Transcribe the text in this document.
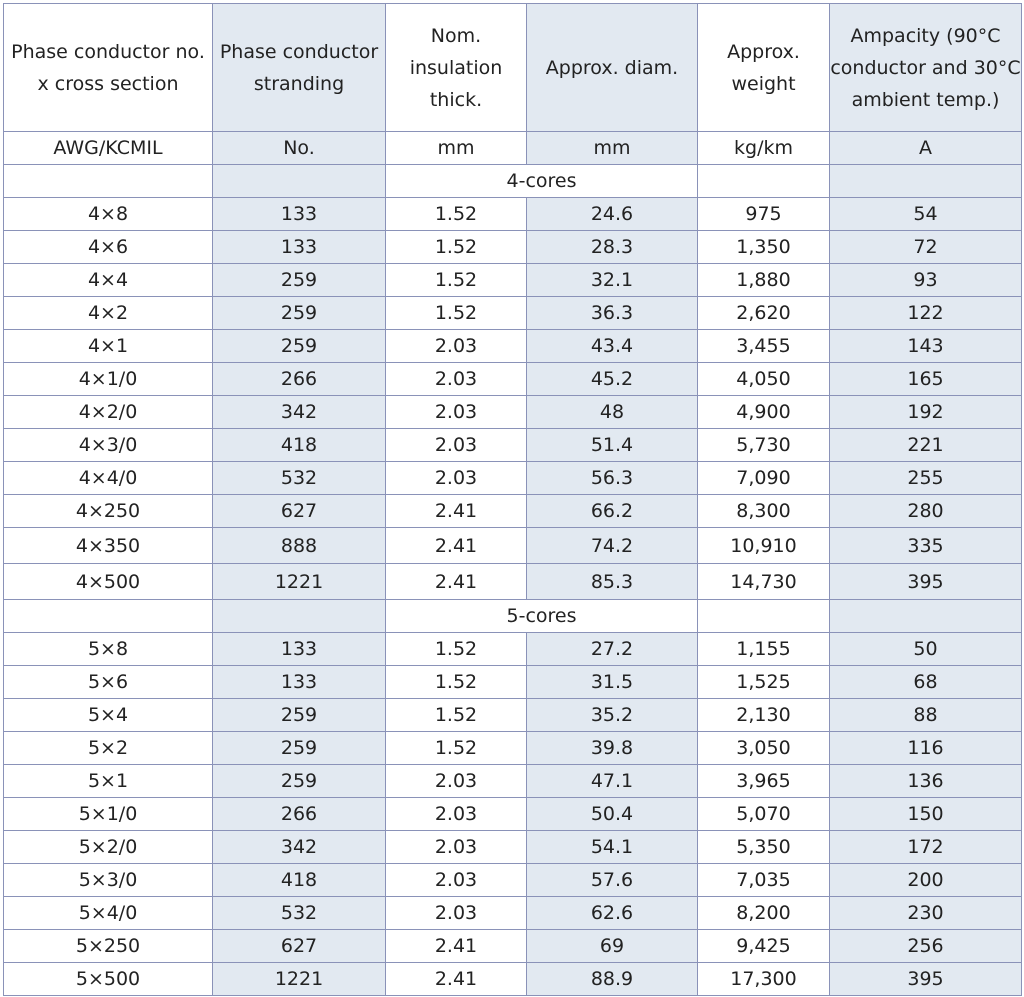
Phase conductor no. x cross section	Phase conductor stranding	Nom. insulation thick.	Approx. diam.	Approx. weight	Ampacity (90°C conductor and 30°C ambient temp.)
AWG/KCMIL	No.	mm	mm	kg/km	A
		4-cores			
4×8	133	1.52	24.6	975	54
4×6	133	1.52	28.3	1,350	72
4×4	259	1.52	32.1	1,880	93
4×2	259	1.52	36.3	2,620	122
4×1	259	2.03	43.4	3,455	143
4×1/0	266	2.03	45.2	4,050	165
4×2/0	342	2.03	48	4,900	192
4×3/0	418	2.03	51.4	5,730	221
4×4/0	532	2.03	56.3	7,090	255
4×250	627	2.41	66.2	8,300	280
4×350	888	2.41	74.2	10,910	335
4×500	1221	2.41	85.3	14,730	395
		5-cores			
5×8	133	1.52	27.2	1,155	50
5×6	133	1.52	31.5	1,525	68
5×4	259	1.52	35.2	2,130	88
5×2	259	1.52	39.8	3,050	116
5×1	259	2.03	47.1	3,965	136
5×1/0	266	2.03	50.4	5,070	150
5×2/0	342	2.03	54.1	5,350	172
5×3/0	418	2.03	57.6	7,035	200
5×4/0	532	2.03	62.6	8,200	230
5×250	627	2.41	69	9,425	256
5×500	1221	2.41	88.9	17,300	395
